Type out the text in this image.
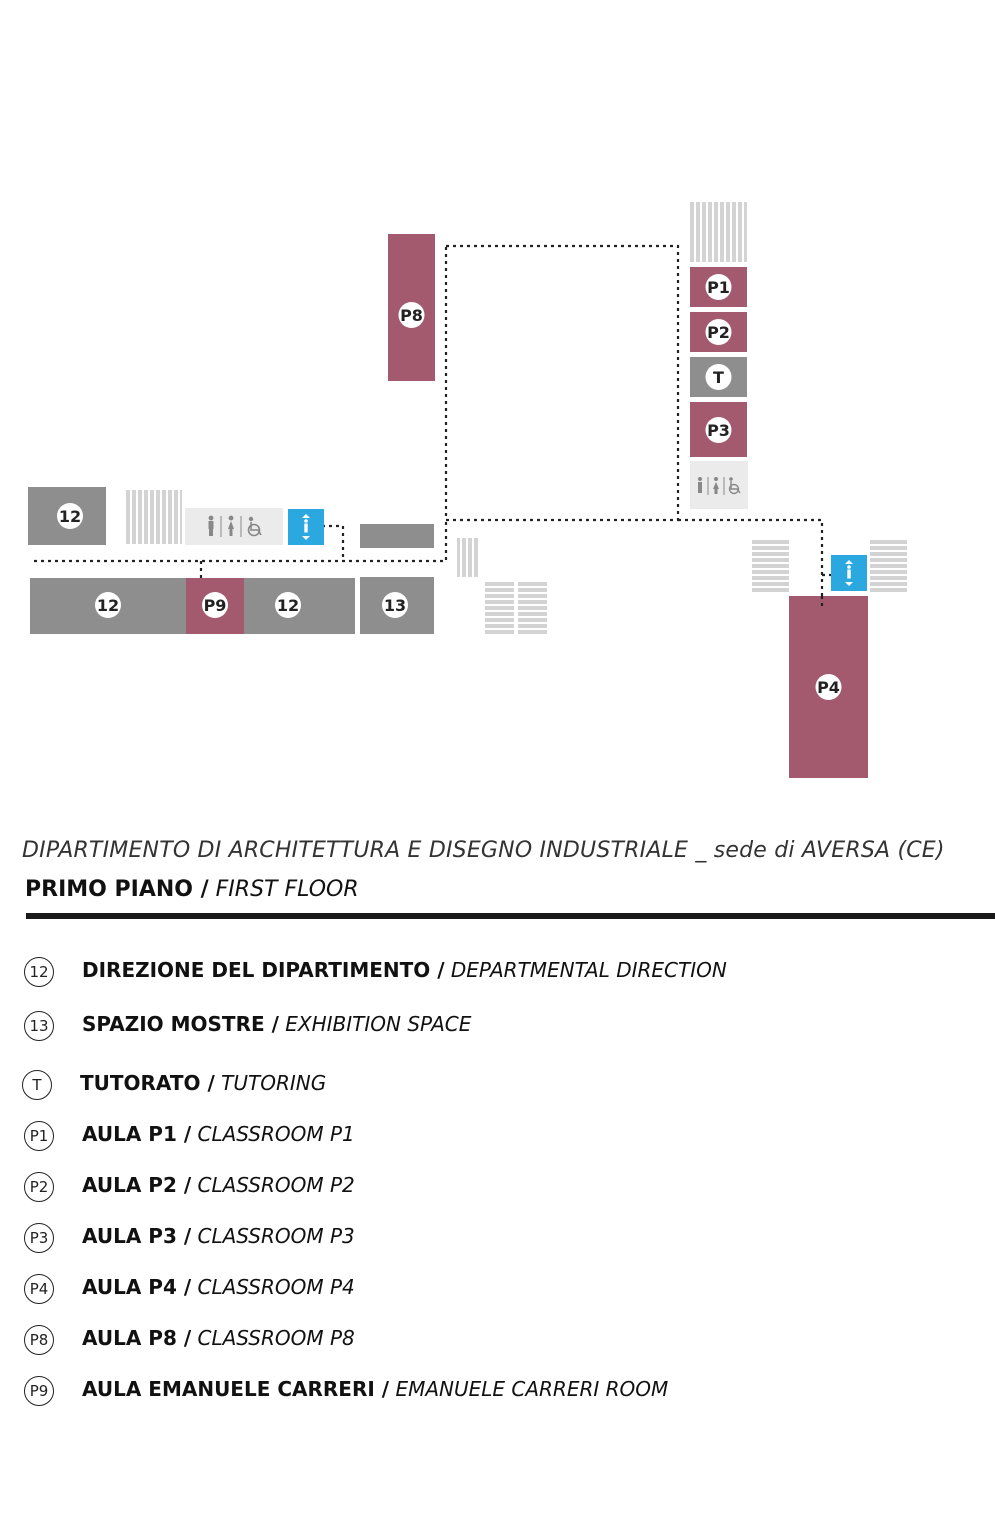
P8
P1
P2
T
P3
12
12	P9	12	13
P4
DIPARTIMENTO DI ARCHITETTURA E DISEGNO INDUSTRIALE _ sede di AVERSA (CE)
PRIMO PIANO / FIRST FLOOR
12 DIREZIONE DEL DIPARTIMENTO / DEPARTMENTAL DIRECTION
13 SPAZIO MOSTRE / EXHIBITION SPACE
T	TUTORATO / TUTORING
P1 AULA P1 / CLASSROOM P1
P2 AULA P2 / CLASSROOM P2
P3 AULA P3 / CLASSROOM P3
P4 AULA P4 / CLASSROOM P4
P8 AULA P8 / CLASSROOM P8
P9 AULA EMANUELE CARRERI / EMANUELE CARRERI ROOM
